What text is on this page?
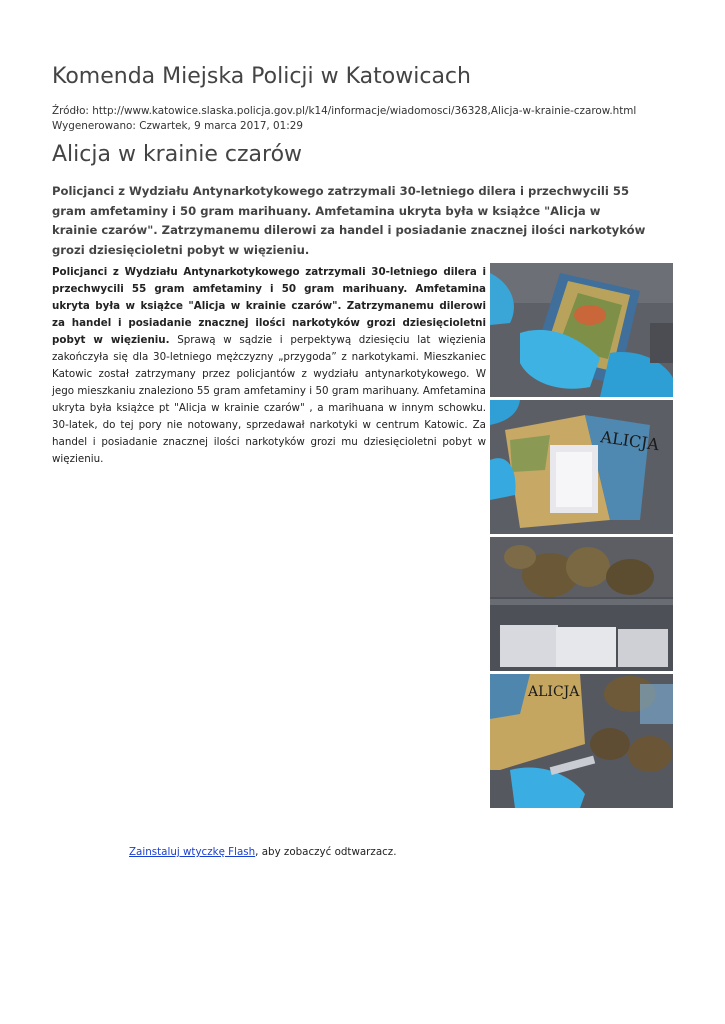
Komenda Miejska Policji w Katowicach
Źródło: http://www.katowice.slaska.policja.gov.pl/k14/informacje/wiadomosci/36328,Alicja-w-krainie-czarow.html
Wygenerowano: Czwartek, 9 marca 2017, 01:29
Alicja w krainie czarów
Policjanci z Wydziału Antynarkotykowego zatrzymali 30-letniego dilera i przechwycili 55 gram amfetaminy i 50 gram marihuany. Amfetamina ukryta była w książce "Alicja w krainie czarów". Zatrzymanemu dilerowi za handel i posiadanie znacznej ilości narkotyków grozi dziesięcioletni pobyt w więzieniu.
Policjanci z Wydziału Antynarkotykowego zatrzymali 30-letniego dilera i przechwycili 55 gram amfetaminy i 50 gram marihuany. Amfetamina ukryta była w książce "Alicja w krainie czarów". Zatrzymanemu dilerowi za handel i posiadanie znacznej ilości narkotyków grozi dziesięcioletni pobyt w więzieniu. Sprawą w sądzie i perpektywą dziesięciu lat więzienia zakończyła się dla 30-letniego mężczyzny „przygoda” z narkotykami. Mieszkaniec Katowic został zatrzymany przez policjantów z wydziału antynarkotykowego. W jego mieszkaniu znaleziono 55 gram amfetaminy i 50 gram marihuany. Amfetamina ukryta była książce pt "Alicja w krainie czarów" , a marihuana w innym schowku. 30-latek, do tej pory nie notowany, sprzedawał narkotyki w centrum Katowic. Za handel i posiadanie znacznej ilości narkotyków grozi mu dziesięcioletni pobyt w więzieniu.
ALICJA
ALICJA
Zainstaluj wtyczkę Flash, aby zobaczyć odtwarzacz.
